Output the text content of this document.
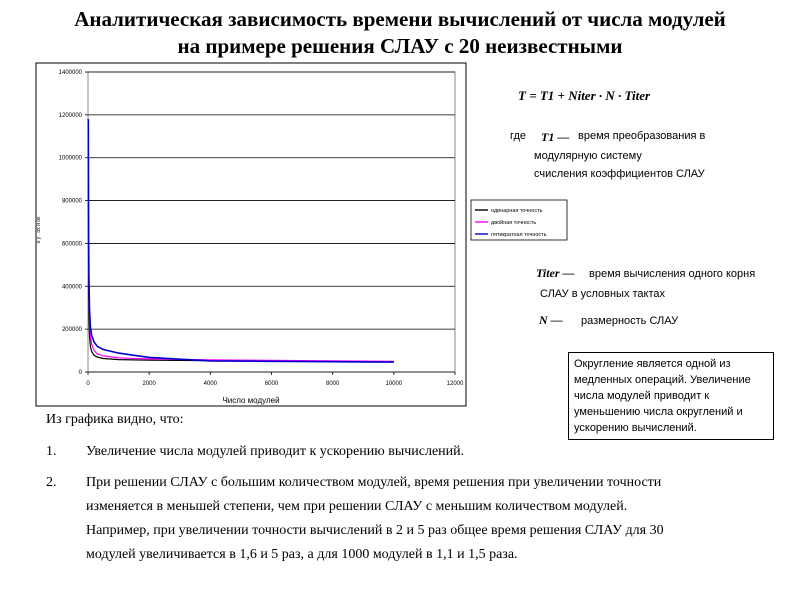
Аналитическая зависимость времени вычислений от числа модулей
на примере решения СЛАУ с 20 неизвестными
0
200000
400000
600000
800000
1000000
1200000
1400000
0	2000	4000	6000	8000	10000	12000
Число модулей
о у . ох и ох
одинарная точность
двойная точность
пятикратная точность
T = T1 + Niter · N · Titer
где T1 — время преобразования в
модулярную систему
счисления коэффициентов СЛАУ
Titer — время вычисления одного корня
СЛАУ в условных тактах
N — размерность СЛАУ
Округление является одной из медленных операций. Увеличение числа модулей приводит к уменьшению числа округлений и ускорению вычислений.
Из графика видно, что:
1. Увеличение числа модулей приводит к ускорению вычислений.
2. При решении СЛАУ с большим количеством модулей, время решения при увеличении точности изменяется в меньшей степени, чем при решении СЛАУ с меньшим количеством модулей. Например, при увеличении точности вычислений в 2 и 5 раз общее время решения СЛАУ для 30 модулей увеличивается в 1,6 и 5 раз, а для 1000 модулей в 1,1 и 1,5 раза.
